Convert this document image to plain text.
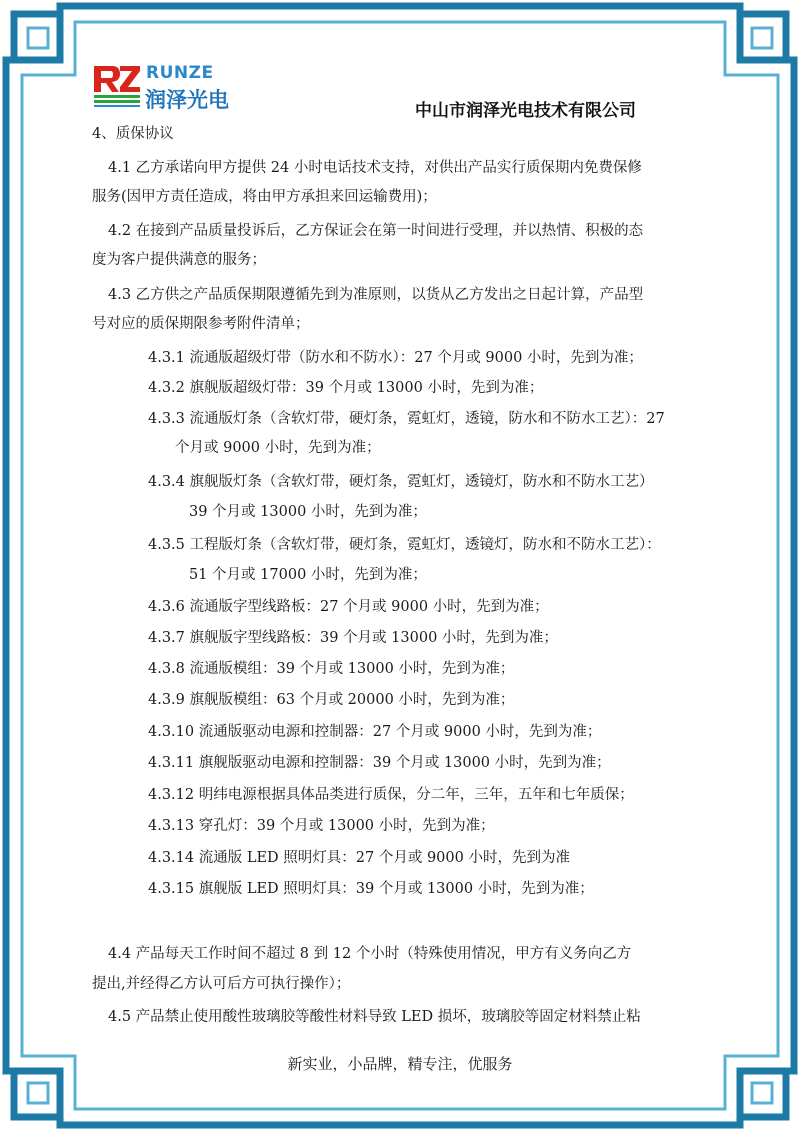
RUNZE
润泽光电	中山市润泽光电技术有限公司
4、质保协议
4.1 乙方承诺向甲方提供 24 小时电话技术支持，对供出产品实行质保期内免费保修
服务(因甲方责任造成，将由甲方承担来回运输费用)；
4.2 在接到产品质量投诉后，乙方保证会在第一时间进行受理，并以热情、积极的态
度为客户提供满意的服务；
4.3 乙方供之产品质保期限遵循先到为准原则，以货从乙方发出之日起计算，产品型
号对应的质保期限参考附件清单；
4.3.1 流通版超级灯带（防水和不防水）：27 个月或 9000 小时，先到为准；
4.3.2 旗舰版超级灯带：39 个月或 13000 小时，先到为准；
4.3.3 流通版灯条（含软灯带，硬灯条，霓虹灯，透镜，防水和不防水工艺）：27
个月或 9000 小时，先到为准；
4.3.4 旗舰版灯条（含软灯带，硬灯条，霓虹灯，透镜灯，防水和不防水工艺）
39 个月或 13000 小时，先到为准；
4.3.5 工程版灯条（含软灯带，硬灯条，霓虹灯，透镜灯，防水和不防水工艺）：
51 个月或 17000 小时，先到为准；
4.3.6 流通版字型线路板：27 个月或 9000 小时，先到为准；
4.3.7 旗舰版字型线路板：39 个月或 13000 小时，先到为准；
4.3.8 流通版模组：39 个月或 13000 小时，先到为准；
4.3.9 旗舰版模组：63 个月或 20000 小时，先到为准；
4.3.10 流通版驱动电源和控制器：27 个月或 9000 小时，先到为准；
4.3.11 旗舰版驱动电源和控制器：39 个月或 13000 小时，先到为准；
4.3.12 明纬电源根据具体品类进行质保，分二年，三年，五年和七年质保；
4.3.13 穿孔灯：39 个月或 13000 小时，先到为准；
4.3.14 流通版 LED 照明灯具：27 个月或 9000 小时，先到为准
4.3.15 旗舰版 LED 照明灯具：39 个月或 13000 小时，先到为准；
4.4 产品每天工作时间不超过 8 到 12 个小时（特殊使用情况，甲方有义务向乙方
提出,并经得乙方认可后方可执行操作）；
4.5 产品禁止使用酸性玻璃胶等酸性材料导致 LED 损坏，玻璃胶等固定材料禁止粘
新实业，小品牌，精专注，优服务
